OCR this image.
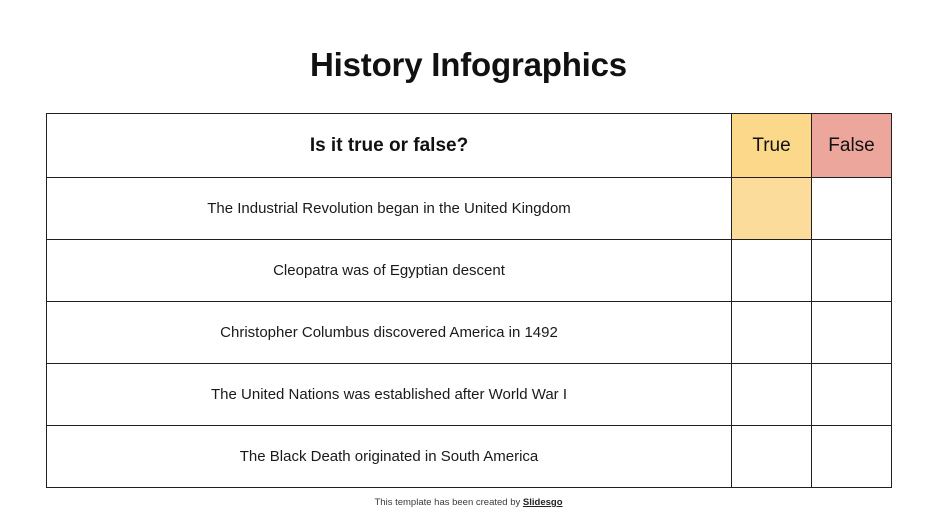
History Infographics
Is it true or false?	True	False
The Industrial Revolution began in the United Kingdom		
Cleopatra was of Egyptian descent		
Christopher Columbus discovered America in 1492		
The United Nations was established after World War I		
The Black Death originated in South America		
This template has been created by Slidesgo
